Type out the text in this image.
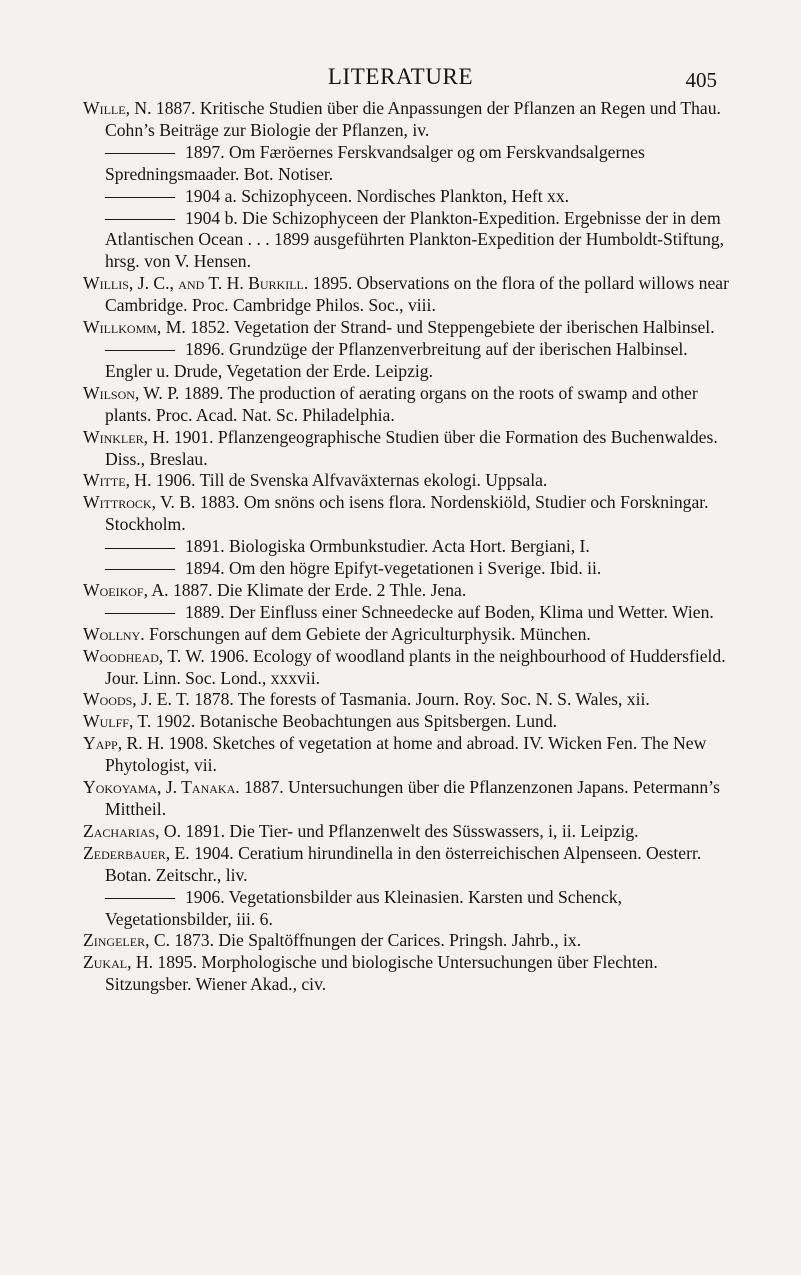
LITERATURE	405

Wille, N. 1887. Kritische Studien über die Anpassungen der Pflanzen an Regen und Thau. Cohn’s Beiträge zur Biologie der Pflanzen, iv.

1897. Om Færöernes Ferskvandsalger og om Ferskvandsalgernes Spredningsmaader. Bot. Notiser.

1904 a. Schizophyceen. Nordisches Plankton, Heft xx.

1904 b. Die Schizophyceen der Plankton-Expedition. Ergebnisse der in dem Atlantischen Ocean . . . 1899 ausgeführten Plankton-Expedition der Humboldt-Stiftung, hrsg. von V. Hensen.

Willis, J. C., and T. H. Burkill. 1895. Observations on the flora of the pollard willows near Cambridge. Proc. Cambridge Philos. Soc., viii.

Willkomm, M. 1852. Vegetation der Strand- und Steppengebiete der iberischen Halbinsel.

1896. Grundzüge der Pflanzenverbreitung auf der iberischen Halbinsel. Engler u. Drude, Vegetation der Erde. Leipzig.

Wilson, W. P. 1889. The production of aerating organs on the roots of swamp and other plants. Proc. Acad. Nat. Sc. Philadelphia.

Winkler, H. 1901. Pflanzengeographische Studien über die Formation des Buchenwaldes. Diss., Breslau.

Witte, H. 1906. Till de Svenska Alfvaväxternas ekologi. Uppsala.

Wittrock, V. B. 1883. Om snöns och isens flora. Nordenskiöld, Studier och Forskningar. Stockholm.

1891. Biologiska Ormbunkstudier. Acta Hort. Bergiani, I.

1894. Om den högre Epifyt-vegetationen i Sverige. Ibid. ii.

Woeikof, A. 1887. Die Klimate der Erde. 2 Thle. Jena.

1889. Der Einfluss einer Schneedecke auf Boden, Klima und Wetter. Wien.

Wollny. Forschungen auf dem Gebiete der Agriculturphysik. München.

Woodhead, T. W. 1906. Ecology of woodland plants in the neighbourhood of Huddersfield. Jour. Linn. Soc. Lond., xxxvii.

Woods, J. E. T. 1878. The forests of Tasmania. Journ. Roy. Soc. N. S. Wales, xii.

Wulff, T. 1902. Botanische Beobachtungen aus Spitsbergen. Lund.

Yapp, R. H. 1908. Sketches of vegetation at home and abroad. IV. Wicken Fen. The New Phytologist, vii.

Yokoyama, J. Tanaka. 1887. Untersuchungen über die Pflanzenzonen Japans. Petermann’s Mittheil.

Zacharias, O. 1891. Die Tier- und Pflanzenwelt des Süsswassers, i, ii. Leipzig.

Zederbauer, E. 1904. Ceratium hirundinella in den österreichischen Alpenseen. Oesterr. Botan. Zeitschr., liv.

1906. Vegetationsbilder aus Kleinasien. Karsten und Schenck, Vegetationsbilder, iii. 6.

Zingeler, C. 1873. Die Spaltöffnungen der Carices. Pringsh. Jahrb., ix.

Zukal, H. 1895. Morphologische und biologische Untersuchungen über Flechten. Sitzungsber. Wiener Akad., civ.
